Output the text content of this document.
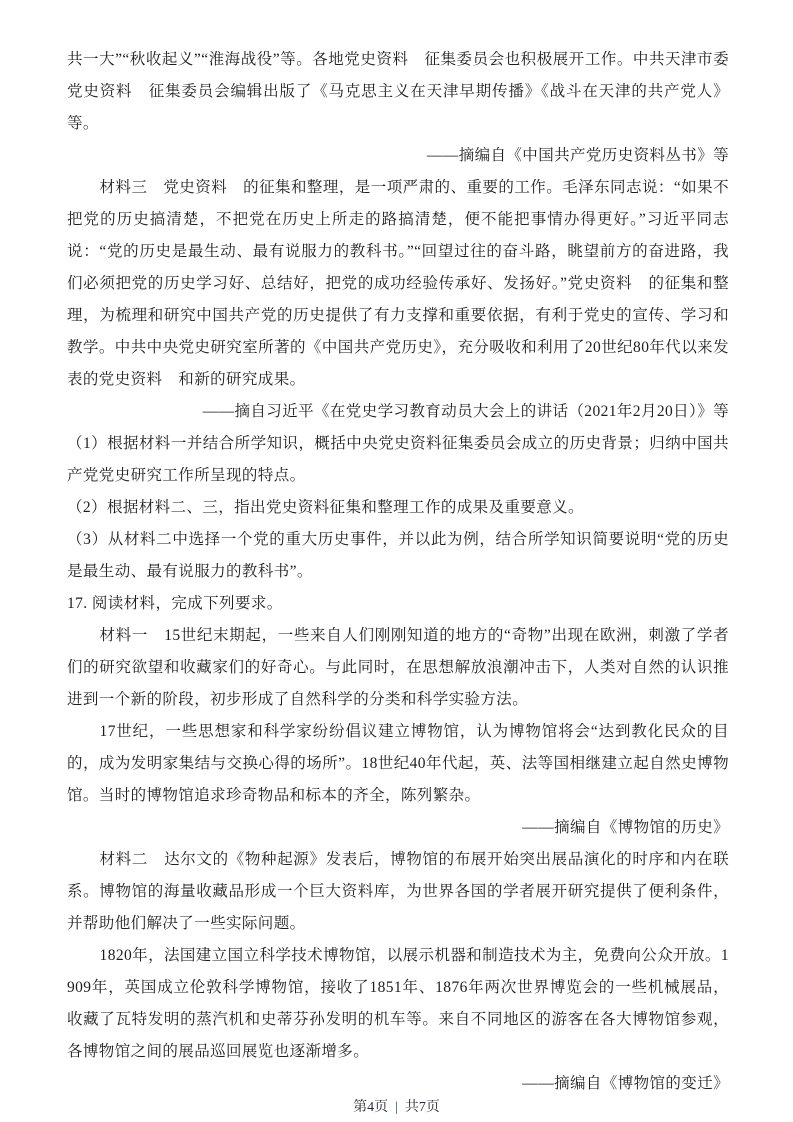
共一大”“秋收起义”“淮海战役”等。各地党史资料　征集委员会也积极展开工作。中共天津市委党史资料　征集委员会编辑出版了《马克思主义在天津早期传播》《战斗在天津的共产党人》等。

——摘编自《中国共产党历史资料丛书》等

材料三　党史资料　的征集和整理，是一项严肃的、重要的工作。毛泽东同志说：“如果不把党的历史搞清楚，不把党在历史上所走的路搞清楚，便不能把事情办得更好。”习近平同志说：“党的历史是最生动、最有说服力的教科书。”“回望过往的奋斗路，眺望前方的奋进路，我们必须把党的历史学习好、总结好，把党的成功经验传承好、发扬好。”党史资料　的征集和整理，为梳理和研究中国共产党的历史提供了有力支撑和重要依据，有利于党史的宣传、学习和教学。中共中央党史研究室所著的《中国共产党历史》，充分吸收和利用了20世纪80年代以来发表的党史资料　和新的研究成果。

——摘自习近平《在党史学习教育动员大会上的讲话（2021年2月20日）》等

（1）根据材料一并结合所学知识，概括中央党史资料征集委员会成立的历史背景；归纳中国共产党党史研究工作所呈现的特点。

（2）根据材料二、三，指出党史资料征集和整理工作的成果及重要意义。

（3）从材料二中选择一个党的重大历史事件，并以此为例，结合所学知识简要说明“党的历史是最生动、最有说服力的教科书”。

17. 阅读材料，完成下列要求。

材料一　15世纪末期起，一些来自人们刚刚知道的地方的“奇物”出现在欧洲，刺激了学者们的研究欲望和收藏家们的好奇心。与此同时，在思想解放浪潮冲击下，人类对自然的认识推进到一个新的阶段，初步形成了自然科学的分类和科学实验方法。

17世纪，一些思想家和科学家纷纷倡议建立博物馆，认为博物馆将会“达到教化民众的目的，成为发明家集结与交换心得的场所”。18世纪40年代起，英、法等国相继建立起自然史博物馆。当时的博物馆追求珍奇物品和标本的齐全，陈列繁杂。

——摘编自《博物馆的历史》

材料二　达尔文的《物种起源》发表后，博物馆的布展开始突出展品演化的时序和内在联系。博物馆的海量收藏品形成一个巨大资料库，为世界各国的学者展开研究提供了便利条件，并帮助他们解决了一些实际问题。

1820年，法国建立国立科学技术博物馆，以展示机器和制造技术为主，免费向公众开放。1909年，英国成立伦敦科学博物馆，接收了1851年、1876年两次世界博览会的一些机械展品，收藏了瓦特发明的蒸汽机和史蒂芬孙发明的机车等。来自不同地区的游客在各大博物馆参观，各博物馆之间的展品巡回展览也逐渐增多。

——摘编自《博物馆的变迁》

第4页 | 共7页
